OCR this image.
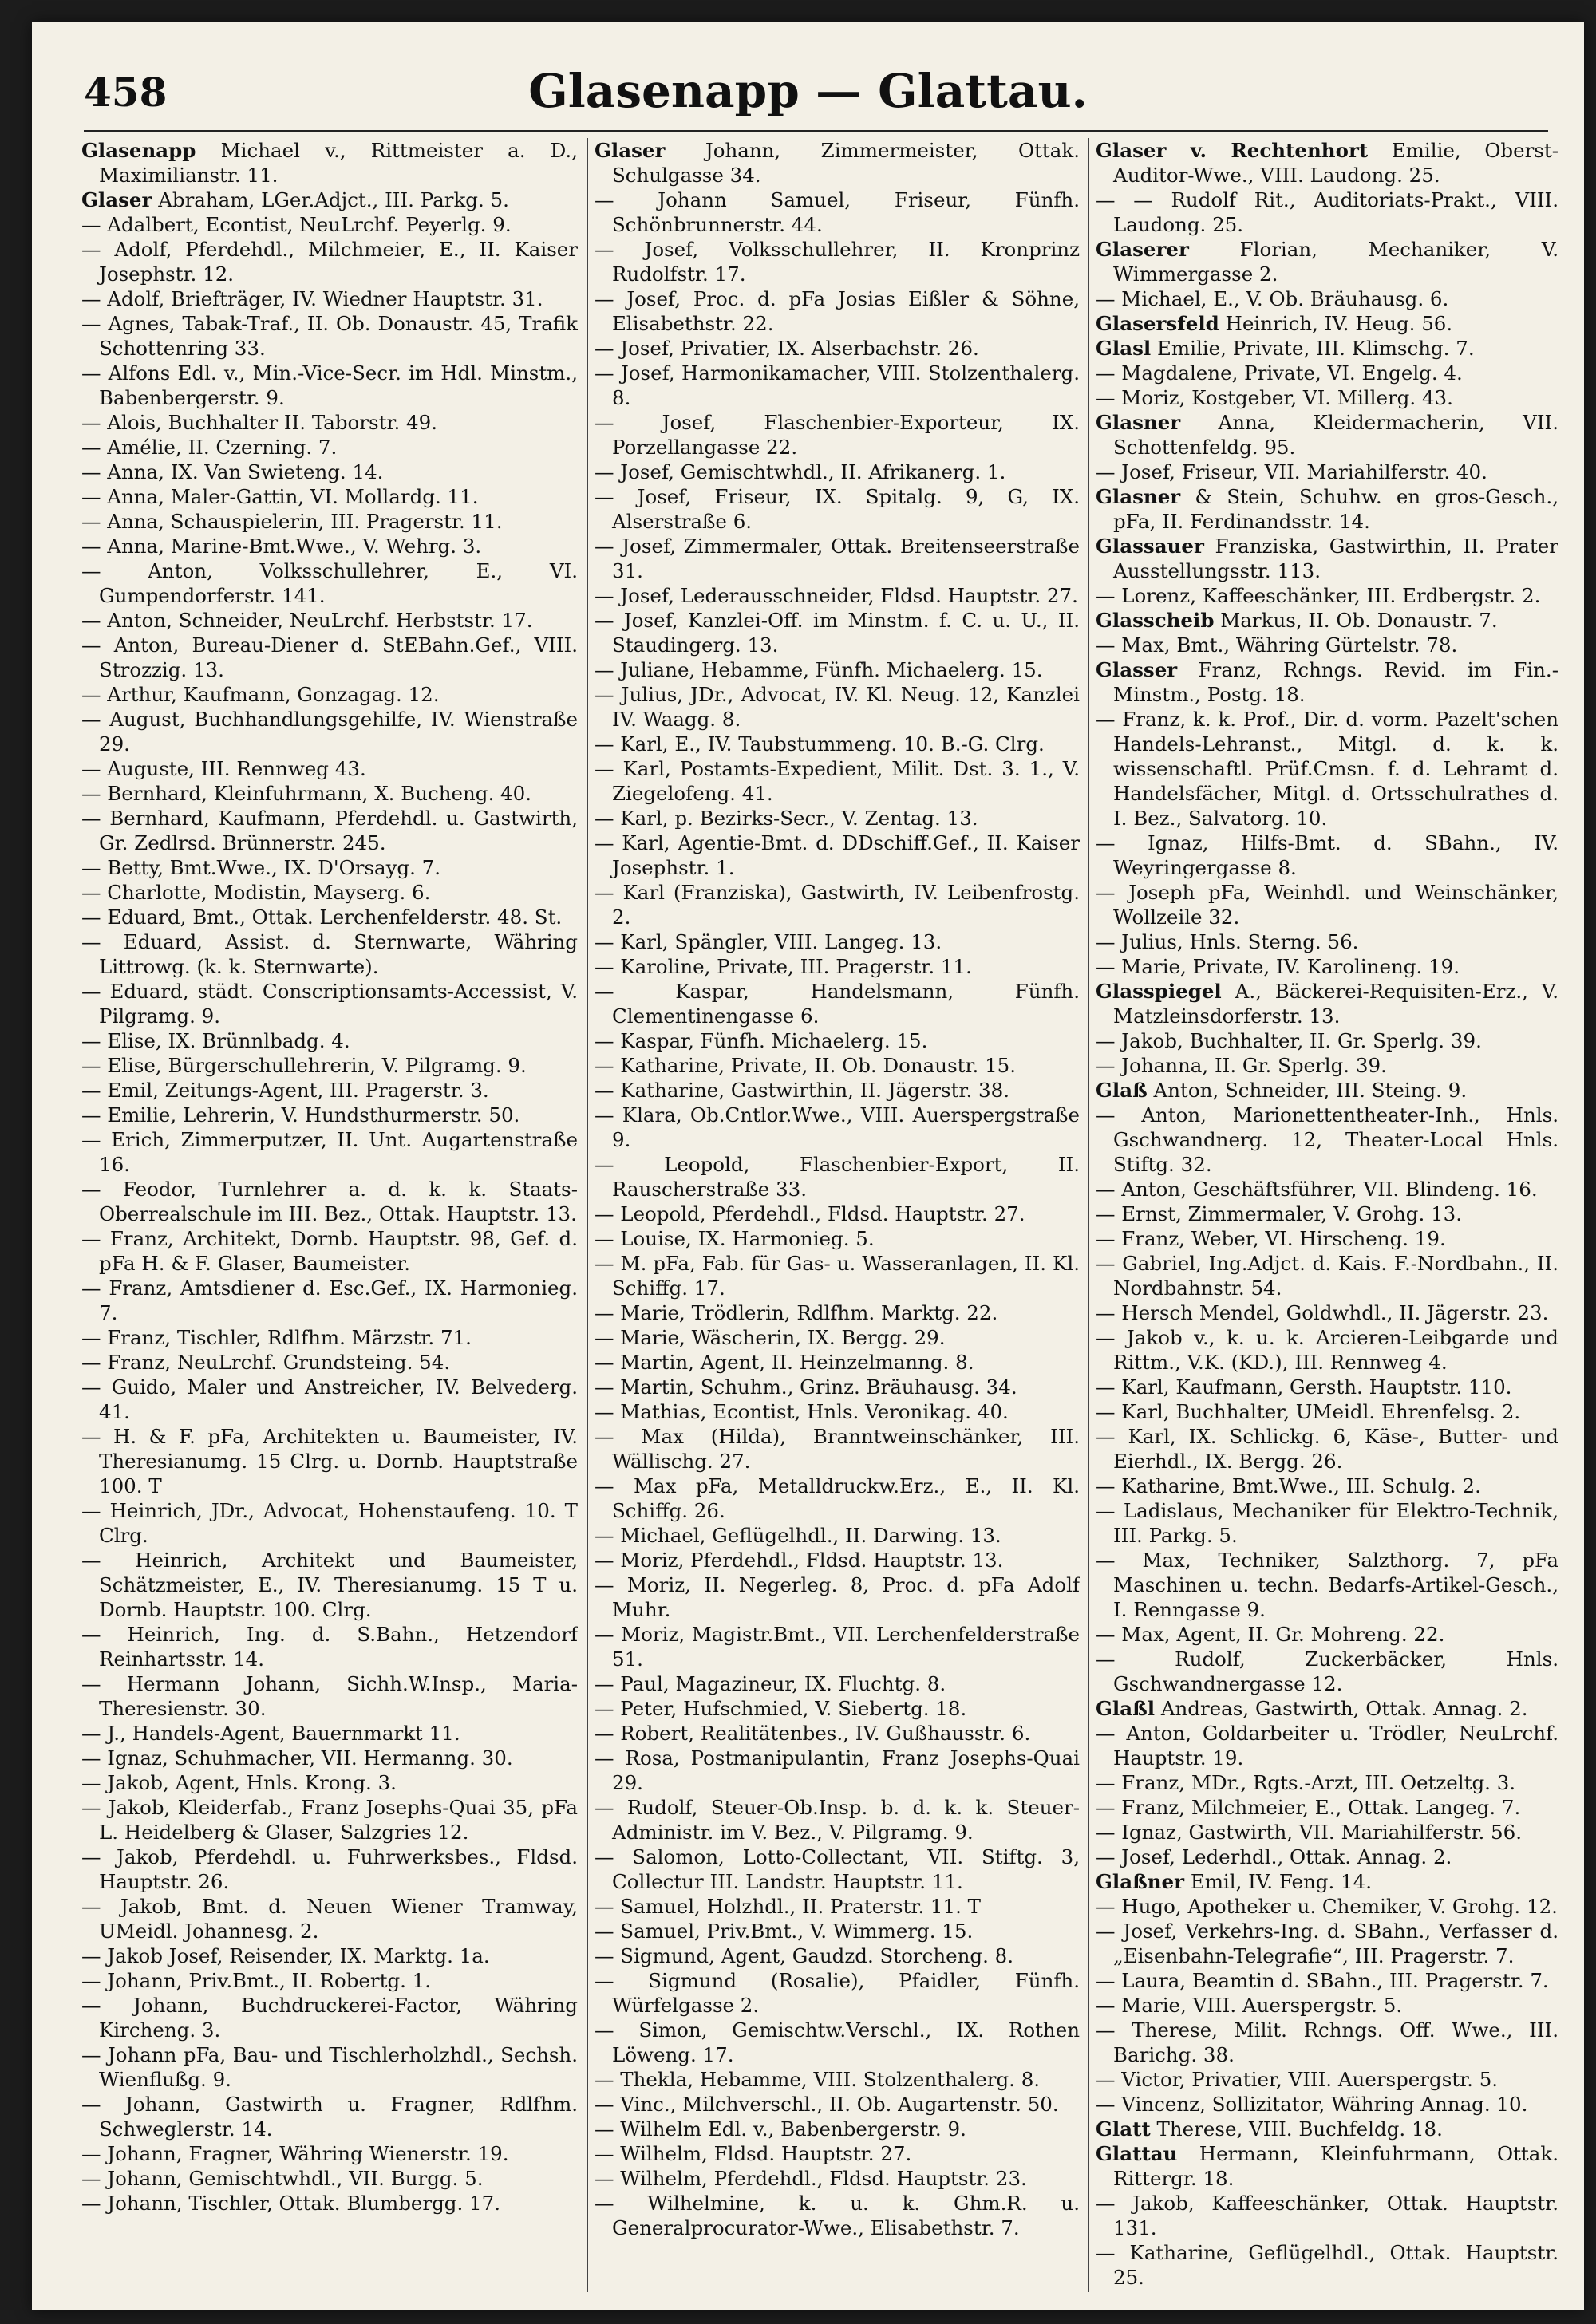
458	Glasenapp — Glattau.
Glasenapp Michael v., Rittmeister a. D., Maximilianstr. 11.
Glaser Abraham, LGer.Adjct., III. Parkg. 5.
— Adalbert, Econtist, NeuLrchf. Peyerlg. 9.
— Adolf, Pferdehdl., Milchmeier, E., II. Kaiser Josephstr. 12.
— Adolf, Briefträger, IV. Wiedner Hauptstr. 31.
— Agnes, Tabak-Traf., II. Ob. Donaustr. 45, Trafik Schottenring 33.
— Alfons Edl. v., Min.-Vice-Secr. im Hdl. Minstm., Babenbergerstr. 9.
— Alois, Buchhalter II. Taborstr. 49.
— Amélie, II. Czerning. 7.
— Anna, IX. Van Swieteng. 14.
— Anna, Maler-Gattin, VI. Mollardg. 11.
— Anna, Schauspielerin, III. Pragerstr. 11.
— Anna, Marine-Bmt.Wwe., V. Wehrg. 3.
— Anton, Volksschullehrer, E., VI. Gumpendorferstr. 141.
— Anton, Schneider, NeuLrchf. Herbststr. 17.
— Anton, Bureau-Diener d. StEBahn.Gef., VIII. Strozzig. 13.
— Arthur, Kaufmann, Gonzagag. 12.
— August, Buchhandlungsgehilfe, IV. Wienstraße 29.
— Auguste, III. Rennweg 43.
— Bernhard, Kleinfuhrmann, X. Bucheng. 40.
— Bernhard, Kaufmann, Pferdehdl. u. Gastwirth, Gr. Zedlrsd. Brünnerstr. 245.
— Betty, Bmt.Wwe., IX. D'Orsayg. 7.
— Charlotte, Modistin, Mayserg. 6.
— Eduard, Bmt., Ottak. Lerchenfelderstr. 48. St.
— Eduard, Assist. d. Sternwarte, Währing Littrowg. (k. k. Sternwarte).
— Eduard, städt. Conscriptionsamts-Accessist, V. Pilgramg. 9.
— Elise, IX. Brünnlbadg. 4.
— Elise, Bürgerschullehrerin, V. Pilgramg. 9.
— Emil, Zeitungs-Agent, III. Pragerstr. 3.
— Emilie, Lehrerin, V. Hundsthurmerstr. 50.
— Erich, Zimmerputzer, II. Unt. Augartenstraße 16.
— Feodor, Turnlehrer a. d. k. k. Staats-Oberrealschule im III. Bez., Ottak. Hauptstr. 13.
— Franz, Architekt, Dornb. Hauptstr. 98, Gef. d. pFa H. & F. Glaser, Baumeister.
— Franz, Amtsdiener d. Esc.Gef., IX. Harmonieg. 7.
— Franz, Tischler, Rdlfhm. Märzstr. 71.
— Franz, NeuLrchf. Grundsteing. 54.
— Guido, Maler und Anstreicher, IV. Belvederg. 41.
— H. & F. pFa, Architekten u. Baumeister, IV. Theresianumg. 15 Clrg. u. Dornb. Hauptstraße 100. T
— Heinrich, JDr., Advocat, Hohenstaufeng. 10. T Clrg.
— Heinrich, Architekt und Baumeister, Schätzmeister, E., IV. Theresianumg. 15 T u. Dornb. Hauptstr. 100. Clrg.
— Heinrich, Ing. d. S.Bahn., Hetzendorf Reinhartsstr. 14.
— Hermann Johann, Sichh.W.Insp., Maria-Theresienstr. 30.
— J., Handels-Agent, Bauernmarkt 11.
— Ignaz, Schuhmacher, VII. Hermanng. 30.
— Jakob, Agent, Hnls. Krong. 3.
— Jakob, Kleiderfab., Franz Josephs-Quai 35, pFa L. Heidelberg & Glaser, Salzgries 12.
— Jakob, Pferdehdl. u. Fuhrwerksbes., Fldsd. Hauptstr. 26.
— Jakob, Bmt. d. Neuen Wiener Tramway, UMeidl. Johannesg. 2.
— Jakob Josef, Reisender, IX. Marktg. 1a.
— Johann, Priv.Bmt., II. Robertg. 1.
— Johann, Buchdruckerei-Factor, Währing Kircheng. 3.
— Johann pFa, Bau- und Tischlerholzhdl., Sechsh. Wienflußg. 9.
— Johann, Gastwirth u. Fragner, Rdlfhm. Schweglerstr. 14.
— Johann, Fragner, Währing Wienerstr. 19.
— Johann, Gemischtwhdl., VII. Burgg. 5.
— Johann, Tischler, Ottak. Blumbergg. 17.
Glaser Johann, Zimmermeister, Ottak. Schulgasse 34.
— Johann Samuel, Friseur, Fünfh. Schönbrunnerstr. 44.
— Josef, Volksschullehrer, II. Kronprinz Rudolfstr. 17.
— Josef, Proc. d. pFa Josias Eißler & Söhne, Elisabethstr. 22.
— Josef, Privatier, IX. Alserbachstr. 26.
— Josef, Harmonikamacher, VIII. Stolzenthalerg. 8.
— Josef, Flaschenbier-Exporteur, IX. Porzellangasse 22.
— Josef, Gemischtwhdl., II. Afrikanerg. 1.
— Josef, Friseur, IX. Spitalg. 9, G, IX. Alserstraße 6.
— Josef, Zimmermaler, Ottak. Breitenseerstraße 31.
— Josef, Lederausschneider, Fldsd. Hauptstr. 27.
— Josef, Kanzlei-Off. im Minstm. f. C. u. U., II. Staudingerg. 13.
— Juliane, Hebamme, Fünfh. Michaelerg. 15.
— Julius, JDr., Advocat, IV. Kl. Neug. 12, Kanzlei IV. Waagg. 8.
— Karl, E., IV. Taubstummeng. 10. B.-G. Clrg.
— Karl, Postamts-Expedient, Milit. Dst. 3. 1., V. Ziegelofeng. 41.
— Karl, p. Bezirks-Secr., V. Zentag. 13.
— Karl, Agentie-Bmt. d. DDschiff.Gef., II. Kaiser Josephstr. 1.
— Karl (Franziska), Gastwirth, IV. Leibenfrostg. 2.
— Karl, Spängler, VIII. Langeg. 13.
— Karoline, Private, III. Pragerstr. 11.
— Kaspar, Handelsmann, Fünfh. Clementinengasse 6.
— Kaspar, Fünfh. Michaelerg. 15.
— Katharine, Private, II. Ob. Donaustr. 15.
— Katharine, Gastwirthin, II. Jägerstr. 38.
— Klara, Ob.Cntlor.Wwe., VIII. Auerspergstraße 9.
— Leopold, Flaschenbier-Export, II. Rauscherstraße 33.
— Leopold, Pferdehdl., Fldsd. Hauptstr. 27.
— Louise, IX. Harmonieg. 5.
— M. pFa, Fab. für Gas- u. Wasseranlagen, II. Kl. Schiffg. 17.
— Marie, Trödlerin, Rdlfhm. Marktg. 22.
— Marie, Wäscherin, IX. Bergg. 29.
— Martin, Agent, II. Heinzelmanng. 8.
— Martin, Schuhm., Grinz. Bräuhausg. 34.
— Mathias, Econtist, Hnls. Veronikag. 40.
— Max (Hilda), Branntweinschänker, III. Wällischg. 27.
— Max pFa, Metalldruckw.Erz., E., II. Kl. Schiffg. 26.
— Michael, Geflügelhdl., II. Darwing. 13.
— Moriz, Pferdehdl., Fldsd. Hauptstr. 13.
— Moriz, II. Negerleg. 8, Proc. d. pFa Adolf Muhr.
— Moriz, Magistr.Bmt., VII. Lerchenfelderstraße 51.
— Paul, Magazineur, IX. Fluchtg. 8.
— Peter, Hufschmied, V. Siebertg. 18.
— Robert, Realitätenbes., IV. Gußhausstr. 6.
— Rosa, Postmanipulantin, Franz Josephs-Quai 29.
— Rudolf, Steuer-Ob.Insp. b. d. k. k. Steuer-Administr. im V. Bez., V. Pilgramg. 9.
— Salomon, Lotto-Collectant, VII. Stiftg. 3, Collectur III. Landstr. Hauptstr. 11.
— Samuel, Holzhdl., II. Praterstr. 11. T
— Samuel, Priv.Bmt., V. Wimmerg. 15.
— Sigmund, Agent, Gaudzd. Storcheng. 8.
— Sigmund (Rosalie), Pfaidler, Fünfh. Würfelgasse 2.
— Simon, Gemischtw.Verschl., IX. Rothen Löweng. 17.
— Thekla, Hebamme, VIII. Stolzenthalerg. 8.
— Vinc., Milchverschl., II. Ob. Augartenstr. 50.
— Wilhelm Edl. v., Babenbergerstr. 9.
— Wilhelm, Fldsd. Hauptstr. 27.
— Wilhelm, Pferdehdl., Fldsd. Hauptstr. 23.
— Wilhelmine, k. u. k. Ghm.R. u. Generalprocurator-Wwe., Elisabethstr. 7.
Glaser v. Rechtenhort Emilie, Oberst-Auditor-Wwe., VIII. Laudong. 25.
— — Rudolf Rit., Auditoriats-Prakt., VIII. Laudong. 25.
Glaserer Florian, Mechaniker, V. Wimmergasse 2.
— Michael, E., V. Ob. Bräuhausg. 6.
Glasersfeld Heinrich, IV. Heug. 56.
Glasl Emilie, Private, III. Klimschg. 7.
— Magdalene, Private, VI. Engelg. 4.
— Moriz, Kostgeber, VI. Millerg. 43.
Glasner Anna, Kleidermacherin, VII. Schottenfeldg. 95.
— Josef, Friseur, VII. Mariahilferstr. 40.
Glasner & Stein, Schuhw. en gros-Gesch., pFa, II. Ferdinandsstr. 14.
Glassauer Franziska, Gastwirthin, II. Prater Ausstellungsstr. 113.
— Lorenz, Kaffeeschänker, III. Erdbergstr. 2.
Glasscheib Markus, II. Ob. Donaustr. 7.
— Max, Bmt., Währing Gürtelstr. 78.
Glasser Franz, Rchngs. Revid. im Fin.-Minstm., Postg. 18.
— Franz, k. k. Prof., Dir. d. vorm. Pazelt'schen Handels-Lehranst., Mitgl. d. k. k. wissenschaftl. Prüf.Cmsn. f. d. Lehramt d. Handelsfächer, Mitgl. d. Ortsschulrathes d. I. Bez., Salvatorg. 10.
— Ignaz, Hilfs-Bmt. d. SBahn., IV. Weyringergasse 8.
— Joseph pFa, Weinhdl. und Weinschänker, Wollzeile 32.
— Julius, Hnls. Sterng. 56.
— Marie, Private, IV. Karolineng. 19.
Glasspiegel A., Bäckerei-Requisiten-Erz., V. Matzleinsdorferstr. 13.
— Jakob, Buchhalter, II. Gr. Sperlg. 39.
— Johanna, II. Gr. Sperlg. 39.
Glaß Anton, Schneider, III. Steing. 9.
— Anton, Marionettentheater-Inh., Hnls. Gschwandnerg. 12, Theater-Local Hnls. Stiftg. 32.
— Anton, Geschäftsführer, VII. Blindeng. 16.
— Ernst, Zimmermaler, V. Grohg. 13.
— Franz, Weber, VI. Hirscheng. 19.
— Gabriel, Ing.Adjct. d. Kais. F.-Nordbahn., II. Nordbahnstr. 54.
— Hersch Mendel, Goldwhdl., II. Jägerstr. 23.
— Jakob v., k. u. k. Arcieren-Leibgarde und Rittm., V.K. (KD.), III. Rennweg 4.
— Karl, Kaufmann, Gersth. Hauptstr. 110.
— Karl, Buchhalter, UMeidl. Ehrenfelsg. 2.
— Karl, IX. Schlickg. 6, Käse-, Butter- und Eierhdl., IX. Bergg. 26.
— Katharine, Bmt.Wwe., III. Schulg. 2.
— Ladislaus, Mechaniker für Elektro-Technik, III. Parkg. 5.
— Max, Techniker, Salzthorg. 7, pFa Maschinen u. techn. Bedarfs-Artikel-Gesch., I. Renngasse 9.
— Max, Agent, II. Gr. Mohreng. 22.
— Rudolf, Zuckerbäcker, Hnls. Gschwandnergasse 12.
Glaßl Andreas, Gastwirth, Ottak. Annag. 2.
— Anton, Goldarbeiter u. Trödler, NeuLrchf. Hauptstr. 19.
— Franz, MDr., Rgts.-Arzt, III. Oetzeltg. 3.
— Franz, Milchmeier, E., Ottak. Langeg. 7.
— Ignaz, Gastwirth, VII. Mariahilferstr. 56.
— Josef, Lederhdl., Ottak. Annag. 2.
Glaßner Emil, IV. Feng. 14.
— Hugo, Apotheker u. Chemiker, V. Grohg. 12.
— Josef, Verkehrs-Ing. d. SBahn., Verfasser d. „Eisenbahn-Telegrafie“, III. Pragerstr. 7.
— Laura, Beamtin d. SBahn., III. Pragerstr. 7.
— Marie, VIII. Auerspergstr. 5.
— Therese, Milit. Rchngs. Off. Wwe., III. Barichg. 38.
— Victor, Privatier, VIII. Auerspergstr. 5.
— Vincenz, Sollizitator, Währing Annag. 10.
Glatt Therese, VIII. Buchfeldg. 18.
Glattau Hermann, Kleinfuhrmann, Ottak. Rittergr. 18.
— Jakob, Kaffeeschänker, Ottak. Hauptstr. 131.
— Katharine, Geflügelhdl., Ottak. Hauptstr. 25.
